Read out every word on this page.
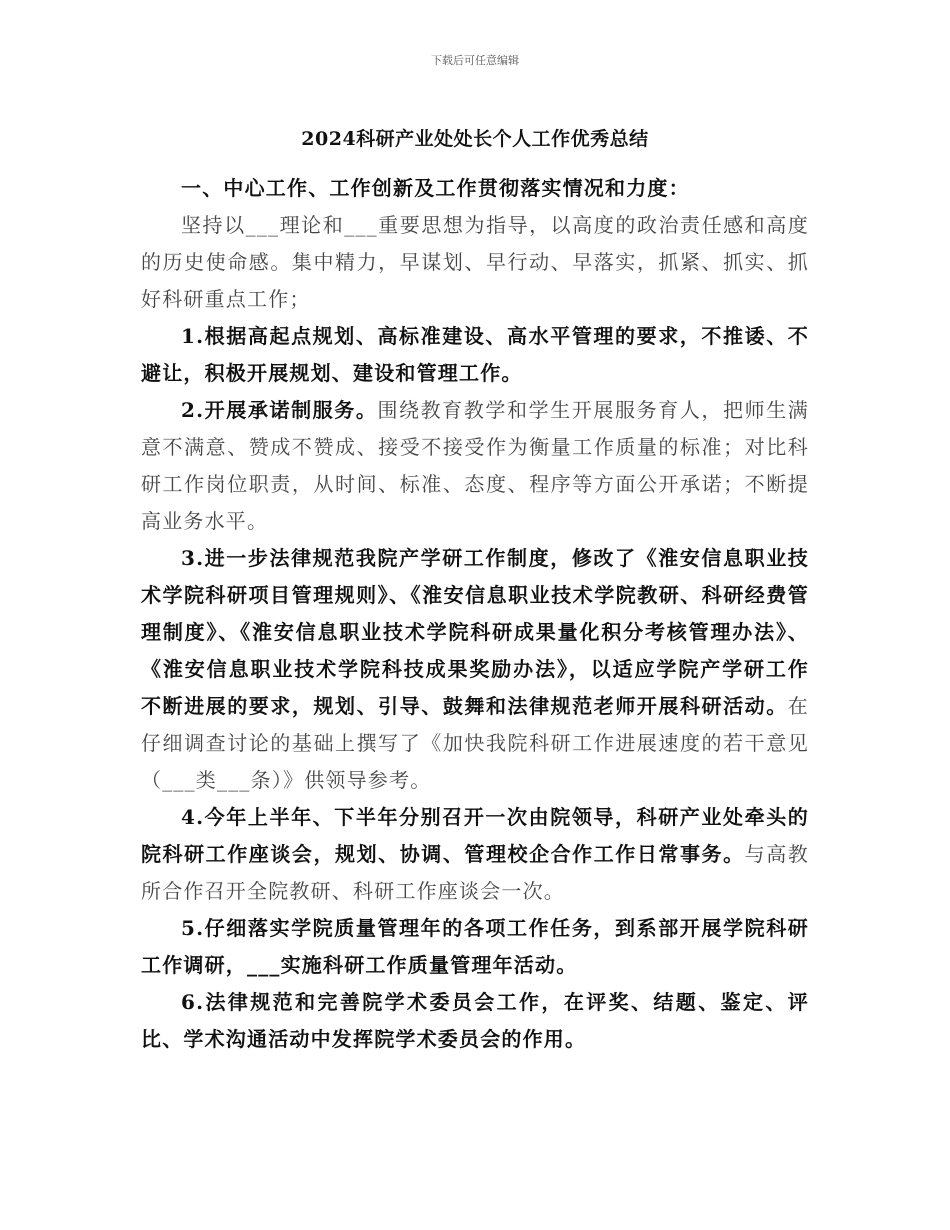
下载后可任意编辑
2024科研产业处处长个人工作优秀总结

一、中心工作、工作创新及工作贯彻落实情况和力度：

坚持以___理论和___重要思想为指导，以高度的政治责任感和高度的历史使命感。集中精力，早谋划、早行动、早落实，抓紧、抓实、抓好科研重点工作；

1.根据高起点规划、高标准建设、高水平管理的要求，不推诿、不避让，积极开展规划、建设和管理工作。

2.开展承诺制服务。围绕教育教学和学生开展服务育人，把师生满意不满意、赞成不赞成、接受不接受作为衡量工作质量的标准；对比科研工作岗位职责，从时间、标准、态度、程序等方面公开承诺；不断提高业务水平。

3.进一步法律规范我院产学研工作制度，修改了《淮安信息职业技术学院科研项目管理规则》、《淮安信息职业技术学院教研、科研经费管理制度》、《淮安信息职业技术学院科研成果量化积分考核管理办法》、《淮安信息职业技术学院科技成果奖励办法》，以适应学院产学研工作不断进展的要求，规划、引导、鼓舞和法律规范老师开展科研活动。在仔细调查讨论的基础上撰写了《加快我院科研工作进展速度的若干意见（___类___条）》供领导参考。

4.今年上半年、下半年分别召开一次由院领导，科研产业处牵头的院科研工作座谈会，规划、协调、管理校企合作工作日常事务。与高教所合作召开全院教研、科研工作座谈会一次。

5.仔细落实学院质量管理年的各项工作任务，到系部开展学院科研工作调研，___实施科研工作质量管理年活动。

6.法律规范和完善院学术委员会工作，在评奖、结题、鉴定、评比、学术沟通活动中发挥院学术委员会的作用。
